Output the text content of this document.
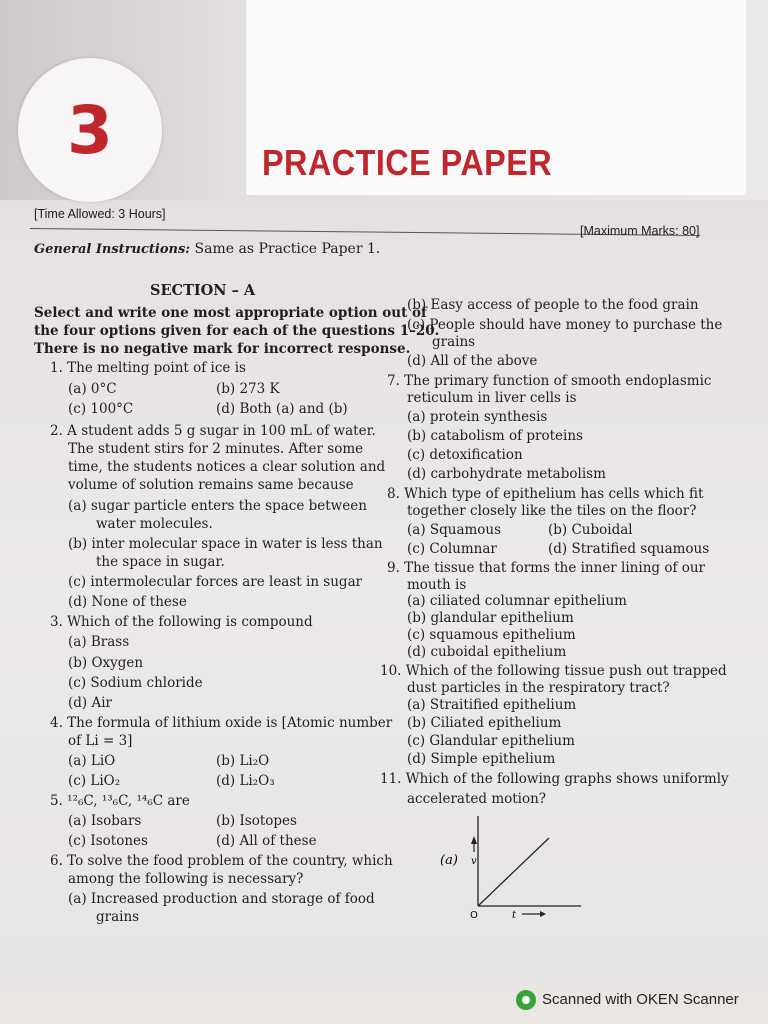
3	PRACTICE PAPER
[Time Allowed: 3 Hours]
[Maximum Marks: 80]
General Instructions: Same as Practice Paper 1.
SECTION – A
Select and write one most appropriate option out of
the four options given for each of the questions 1–20.
There is no negative mark for incorrect response.
1. The melting point of ice is
(a) 0°C	(b) 273 K
(c) 100°C	(d) Both (a) and (b)
2. A student adds 5 g sugar in 100 mL of water.
The student stirs for 2 minutes. After some
time, the students notices a clear solution and
volume of solution remains same because
(a) sugar particle enters the space between
water molecules.
(b) inter molecular space in water is less than
the space in sugar.
(c) intermolecular forces are least in sugar
(d) None of these
3. Which of the following is compound
(a) Brass
(b) Oxygen
(c) Sodium chloride
(d) Air
4. The formula of lithium oxide is [Atomic number
of Li = 3]
(a) LiO	(b) Li₂O
(c) LiO₂	(d) Li₂O₃
5. ¹²₆C, ¹³₆C, ¹⁴₆C are
(a) Isobars	(b) Isotopes
(c) Isotones	(d) All of these
6. To solve the food problem of the country, which
among the following is necessary?
(a) Increased production and storage of food
grains
(b) Easy access of people to the food grain
(c) People should have money to purchase the
grains
(d) All of the above
7. The primary function of smooth endoplasmic
reticulum in liver cells is
(a) protein synthesis
(b) catabolism of proteins
(c) detoxification
(d) carbohydrate metabolism
8. Which type of epithelium has cells which fit
together closely like the tiles on the floor?
(a) Squamous	(b) Cuboidal
(c) Columnar	(d) Stratified squamous
9. The tissue that forms the inner lining of our
mouth is
(a) ciliated columnar epithelium
(b) glandular epithelium
(c) squamous epithelium
(d) cuboidal epithelium
10. Which of the following tissue push out trapped
dust particles in the respiratory tract?
(a) Straitified epithelium
(b) Ciliated epithelium
(c) Glandular epithelium
(d) Simple epithelium
11. Which of the following graphs shows uniformly
accelerated motion?
(a) v
O	t
Scanned with OKEN Scanner
